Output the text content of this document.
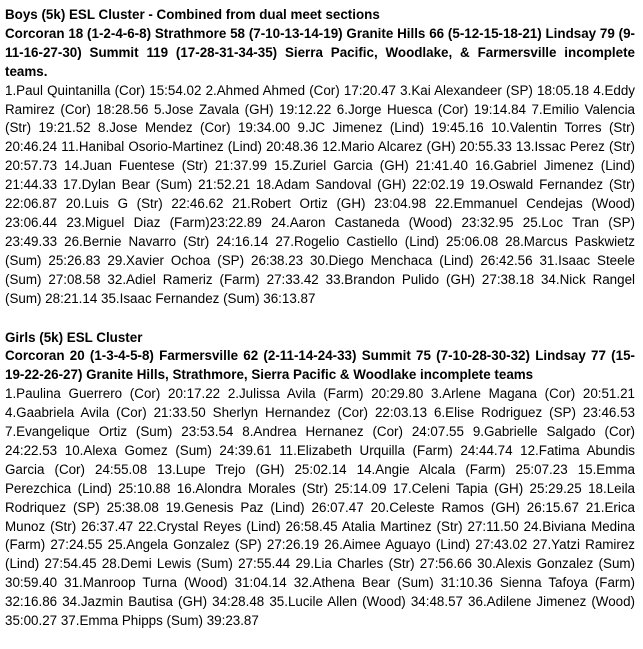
Boys (5k) ESL Cluster - Combined from dual meet sections

Corcoran 18 (1-2-4-6-8) Strathmore 58 (7-10-13-14-19) Granite Hills 66 (5-12-15-18-21) Lindsay 79 (9-11-16-27-30) Summit 119 (17-28-31-34-35) Sierra Pacific, Woodlake, & Farmersville incomplete teams.

1.Paul Quintanilla (Cor) 15:54.02 2.Ahmed Ahmed (Cor) 17:20.47 3.Kai Alexandeer (SP) 18:05.18 4.Eddy Ramirez (Cor) 18:28.56 5.Jose Zavala (GH) 19:12.22 6.Jorge Huesca (Cor) 19:14.84 7.Emilio Valencia (Str) 19:21.52 8.Jose Mendez (Cor) 19:34.00 9.JC Jimenez (Lind) 19:45.16 10.Valentin Torres (Str) 20:46.24 11.Hanibal Osorio-Martinez (Lind) 20:48.36 12.Mario Alcarez (GH) 20:55.33 13.Issac Perez (Str) 20:57.73 14.Juan Fuentese (Str) 21:37.99 15.Zuriel Garcia (GH) 21:41.40 16.Gabriel Jimenez (Lind) 21:44.33 17.Dylan Bear (Sum) 21:52.21 18.Adam Sandoval (GH) 22:02.19 19.Oswald Fernandez (Str) 22:06.87 20.Luis G (Str) 22:46.62 21.Robert Ortiz (GH) 23:04.98 22.Emmanuel Cendejas (Wood) 23:06.44 23.Miguel Diaz (Farm)23:22.89 24.Aaron Castaneda (Wood) 23:32.95 25.Loc Tran (SP) 23:49.33 26.Bernie Navarro (Str) 24:16.14 27.Rogelio Castiello (Lind) 25:06.08 28.Marcus Paskwietz (Sum) 25:26.83 29.Xavier Ochoa (SP) 26:38.23 30.Diego Menchaca (Lind) 26:42.56 31.Isaac Steele (Sum) 27:08.58 32.Adiel Rameriz (Farm) 27:33.42 33.Brandon Pulido (GH) 27:38.18 34.Nick Rangel (Sum) 28:21.14 35.Isaac Fernandez (Sum) 36:13.87

Girls (5k) ESL Cluster

Corcoran 20 (1-3-4-5-8) Farmersville 62 (2-11-14-24-33) Summit 75 (7-10-28-30-32) Lindsay 77 (15-19-22-26-27) Granite Hills, Strathmore, Sierra Pacific & Woodlake incomplete teams

1.Paulina Guerrero (Cor) 20:17.22 2.Julissa Avila (Farm) 20:29.80 3.Arlene Magana (Cor) 20:51.21 4.Gaabriela Avila (Cor) 21:33.50 Sherlyn Hernandez (Cor) 22:03.13 6.Elise Rodriguez (SP) 23:46.53 7.Evangelique Ortiz (Sum) 23:53.54 8.Andrea Hernanez (Cor) 24:07.55 9.Gabrielle Salgado (Cor) 24:22.53 10.Alexa Gomez (Sum) 24:39.61 11.Elizabeth Urquilla (Farm) 24:44.74 12.Fatima Abundis Garcia (Cor) 24:55.08 13.Lupe Trejo (GH) 25:02.14 14.Angie Alcala (Farm) 25:07.23 15.Emma Perezchica (Lind) 25:10.88 16.Alondra Morales (Str) 25:14.09 17.Celeni Tapia (GH) 25:29.25 18.Leila Rodriquez (SP) 25:38.08 19.Genesis Paz (Lind) 26:07.47 20.Celeste Ramos (GH) 26:15.67 21.Erica Munoz (Str) 26:37.47 22.Crystal Reyes (Lind) 26:58.45 Atalia Martinez (Str) 27:11.50 24.Biviana Medina (Farm) 27:24.55 25.Angela Gonzalez (SP) 27:26.19 26.Aimee Aguayo (Lind) 27:43.02 27.Yatzi Ramirez (Lind) 27:54.45 28.Demi Lewis (Sum) 27:55.44 29.Lia Charles (Str) 27:56.66 30.Alexis Gonzalez (Sum) 30:59.40 31.Manroop Turna (Wood) 31:04.14 32.Athena Bear (Sum) 31:10.36 Sienna Tafoya (Farm) 32:16.86 34.Jazmin Bautisa (GH) 34:28.48 35.Lucile Allen (Wood) 34:48.57 36.Adilene Jimenez (Wood) 35:00.27 37.Emma Phipps (Sum) 39:23.87
